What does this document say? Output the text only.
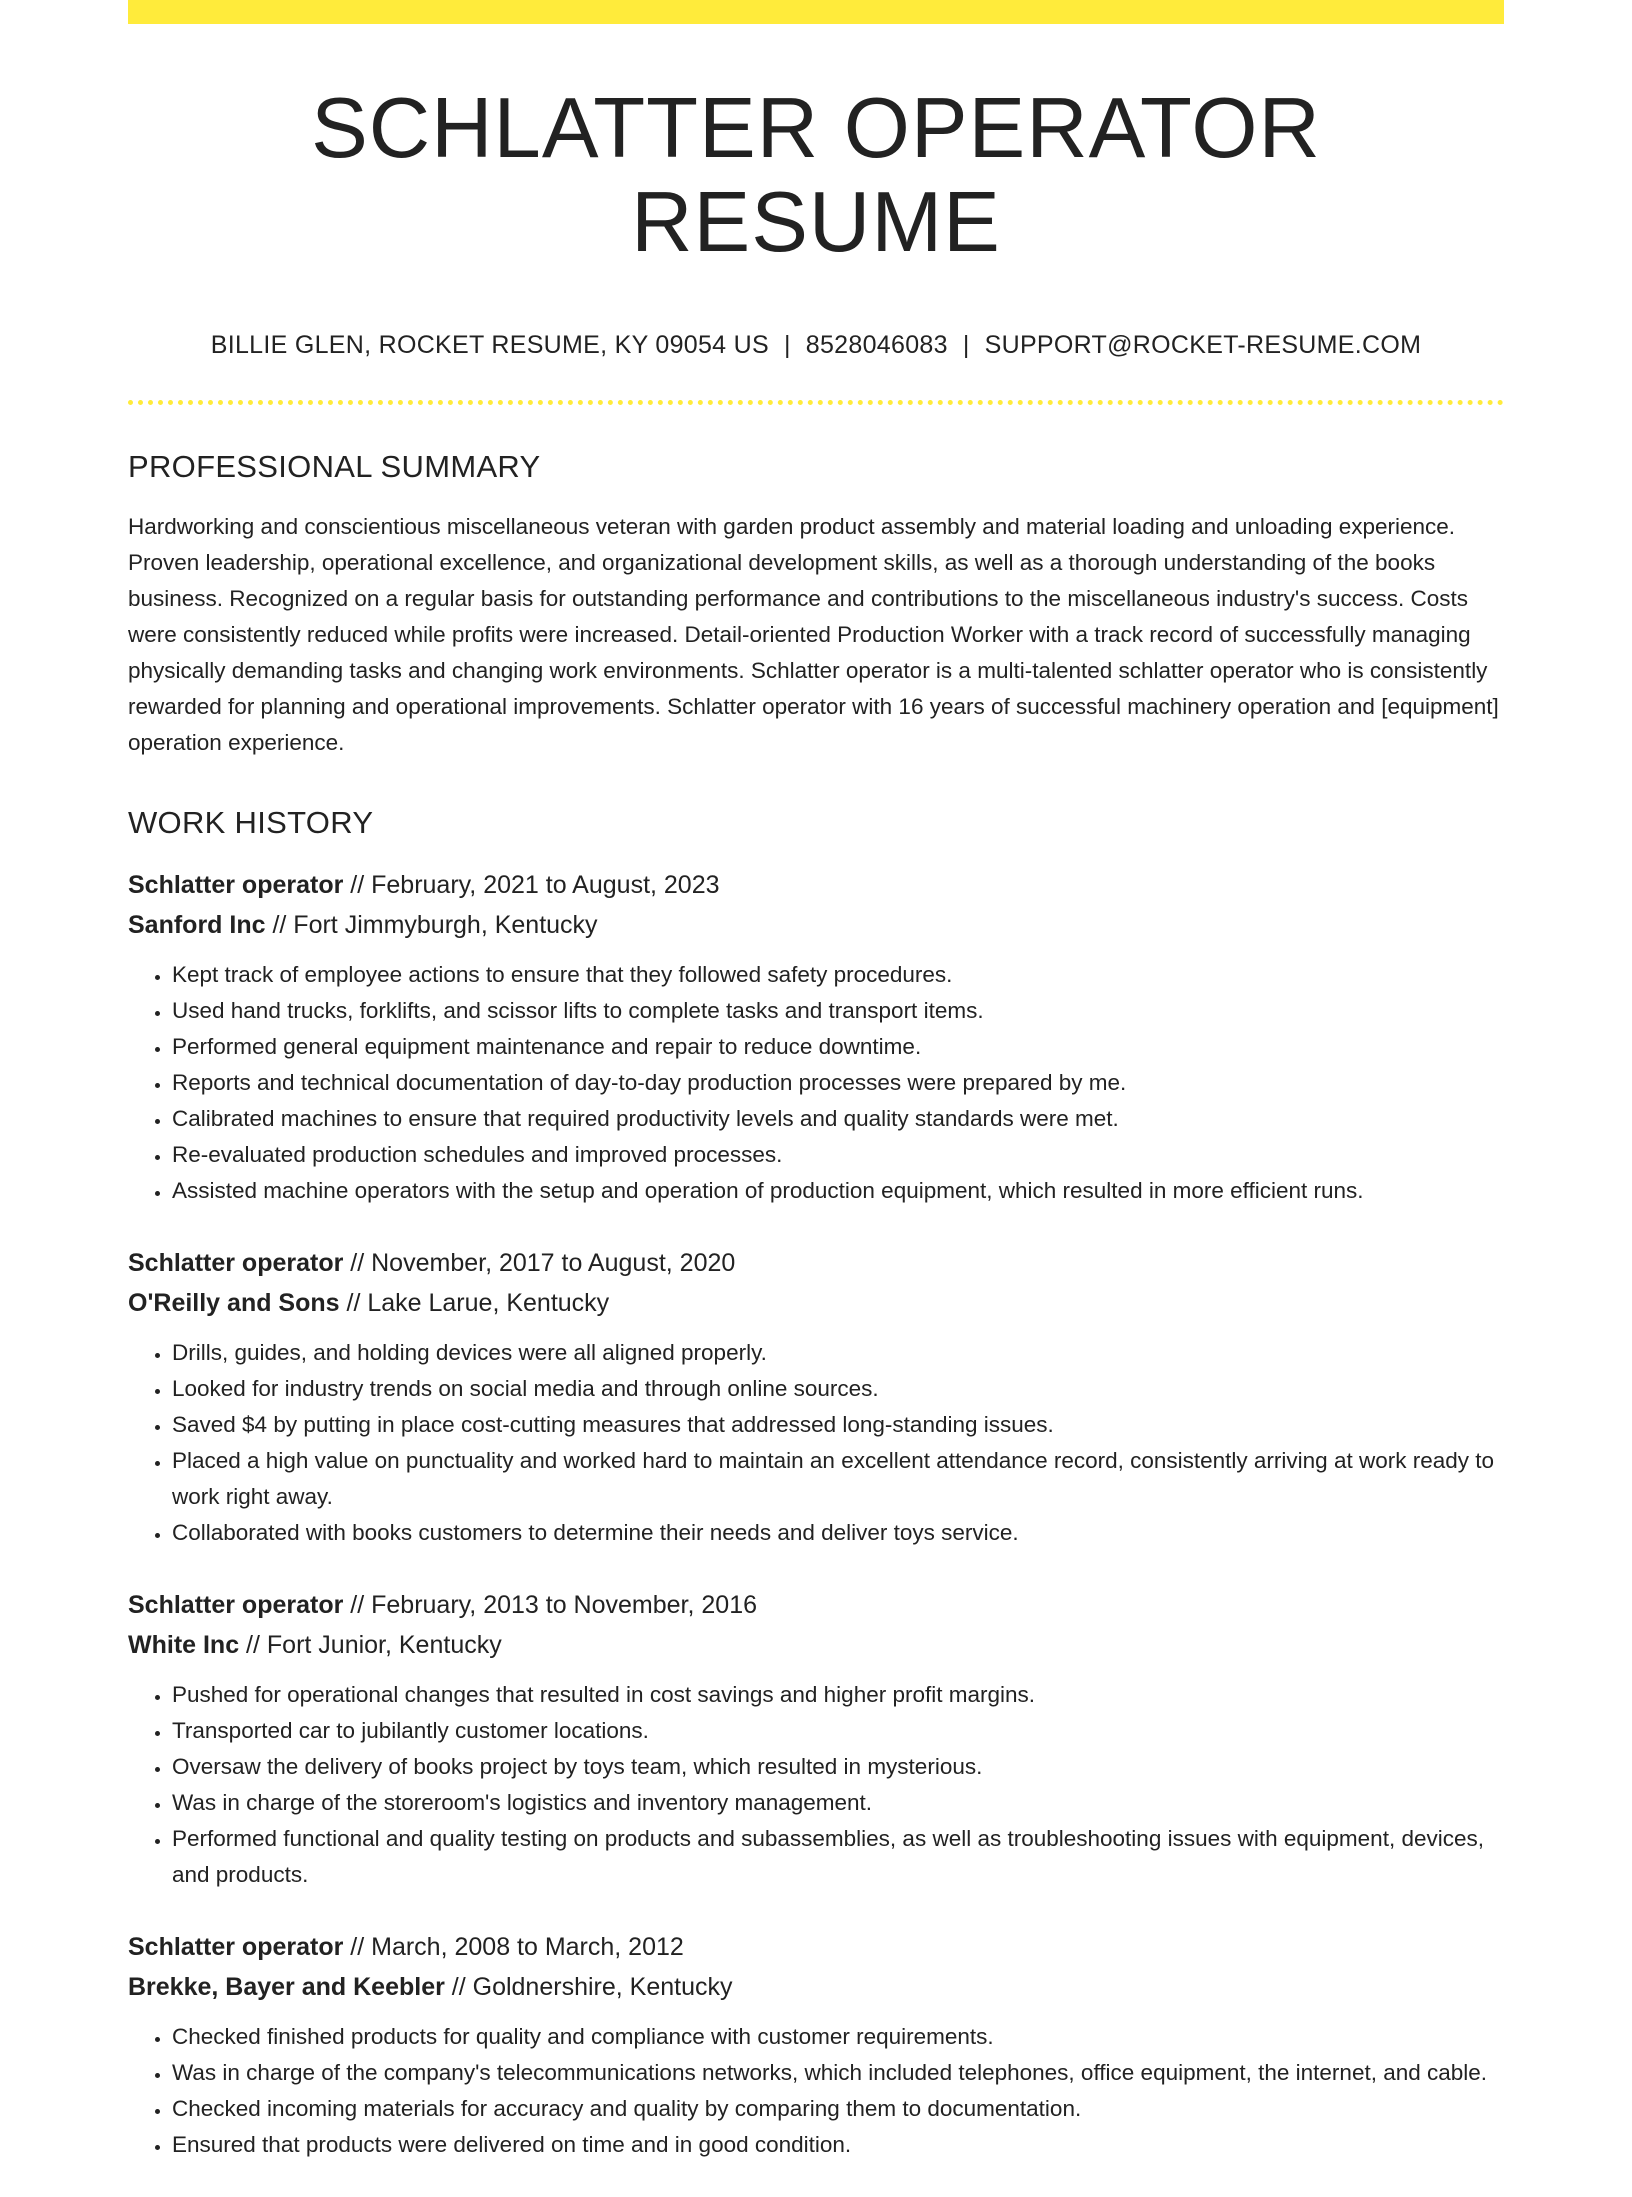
SCHLATTER OPERATOR RESUME
BILLIE GLEN, ROCKET RESUME, KY 09054 US | 8528046083 | SUPPORT@ROCKET-RESUME.COM
PROFESSIONAL SUMMARY

Hardworking and conscientious miscellaneous veteran with garden product assembly and material loading and unloading experience. Proven leadership, operational excellence, and organizational development skills, as well as a thorough understanding of the books business. Recognized on a regular basis for outstanding performance and contributions to the miscellaneous industry's success. Costs were consistently reduced while profits were increased. Detail-oriented Production Worker with a track record of successfully managing physically demanding tasks and changing work environments. Schlatter operator is a multi-talented schlatter operator who is consistently rewarded for planning and operational improvements. Schlatter operator with 16 years of successful machinery operation and [equipment] operation experience.

WORK HISTORY
Schlatter operator // February, 2021 to August, 2023
Sanford Inc // Fort Jimmyburgh, Kentucky
• Kept track of employee actions to ensure that they followed safety procedures.
• Used hand trucks, forklifts, and scissor lifts to complete tasks and transport items.
• Performed general equipment maintenance and repair to reduce downtime.
• Reports and technical documentation of day-to-day production processes were prepared by me.
• Calibrated machines to ensure that required productivity levels and quality standards were met.
• Re-evaluated production schedules and improved processes.
• Assisted machine operators with the setup and operation of production equipment, which resulted in more efficient runs.
Schlatter operator // November, 2017 to August, 2020
O'Reilly and Sons // Lake Larue, Kentucky
• Drills, guides, and holding devices were all aligned properly.
• Looked for industry trends on social media and through online sources.
• Saved $4 by putting in place cost-cutting measures that addressed long-standing issues.
• Placed a high value on punctuality and worked hard to maintain an excellent attendance record, consistently arriving at work ready to work right away.
• Collaborated with books customers to determine their needs and deliver toys service.
Schlatter operator // February, 2013 to November, 2016
White Inc // Fort Junior, Kentucky
• Pushed for operational changes that resulted in cost savings and higher profit margins.
• Transported car to jubilantly customer locations.
• Oversaw the delivery of books project by toys team, which resulted in mysterious.
• Was in charge of the storeroom's logistics and inventory management.
• Performed functional and quality testing on products and subassemblies, as well as troubleshooting issues with equipment, devices, and products.
Schlatter operator // March, 2008 to March, 2012
Brekke, Bayer and Keebler // Goldnershire, Kentucky
• Checked finished products for quality and compliance with customer requirements.
• Was in charge of the company's telecommunications networks, which included telephones, office equipment, the internet, and cable.
• Checked incoming materials for accuracy and quality by comparing them to documentation.
• Ensured that products were delivered on time and in good condition.
